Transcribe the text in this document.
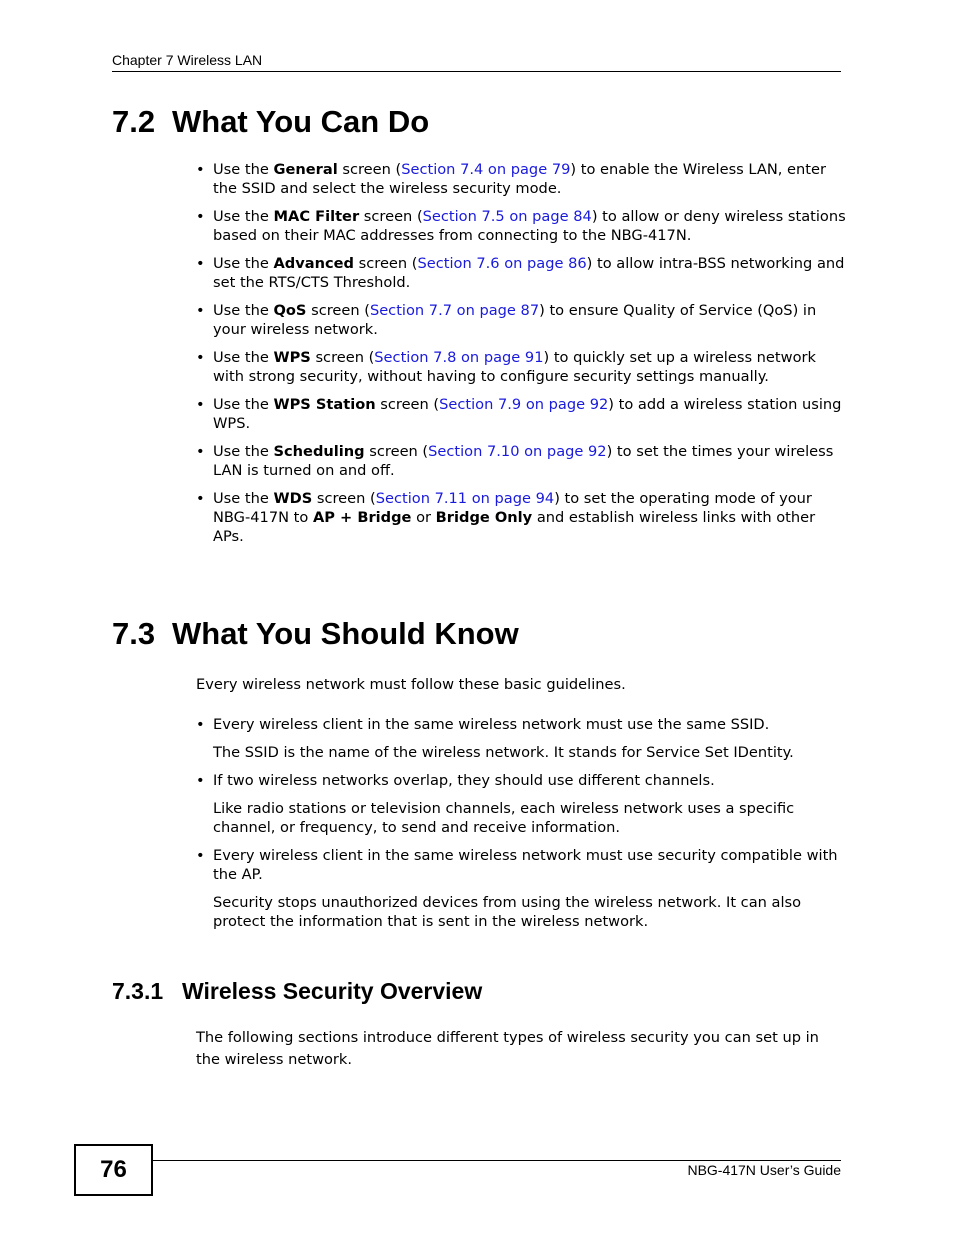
Chapter 7 Wireless LAN
7.2 What You Can Do
• Use the General screen (Section 7.4 on page 79) to enable the Wireless LAN, enter the SSID and select the wireless security mode.
• Use the MAC Filter screen (Section 7.5 on page 84) to allow or deny wireless stations based on their MAC addresses from connecting to the NBG-417N.
• Use the Advanced screen (Section 7.6 on page 86) to allow intra-BSS networking and set the RTS/CTS Threshold.
• Use the QoS screen (Section 7.7 on page 87) to ensure Quality of Service (QoS) in your wireless network.
• Use the WPS screen (Section 7.8 on page 91) to quickly set up a wireless network with strong security, without having to configure security settings manually.
• Use the WPS Station screen (Section 7.9 on page 92) to add a wireless station using WPS.
• Use the Scheduling screen (Section 7.10 on page 92) to set the times your wireless LAN is turned on and off.
• Use the WDS screen (Section 7.11 on page 94) to set the operating mode of your NBG-417N to AP + Bridge or Bridge Only and establish wireless links with other APs.
7.3 What You Should Know

Every wireless network must follow these basic guidelines.

• Every wireless client in the same wireless network must use the same SSID.

The SSID is the name of the wireless network. It stands for Service Set IDentity.

• If two wireless networks overlap, they should use different channels.

Like radio stations or television channels, each wireless network uses a specific channel, or frequency, to send and receive information.

• Every wireless client in the same wireless network must use security compatible with the AP.

Security stops unauthorized devices from using the wireless network. It can also protect the information that is sent in the wireless network.

7.3.1 Wireless Security Overview

The following sections introduce different types of wireless security you can set up in the wireless network.

76	NBG-417N User’s Guide
